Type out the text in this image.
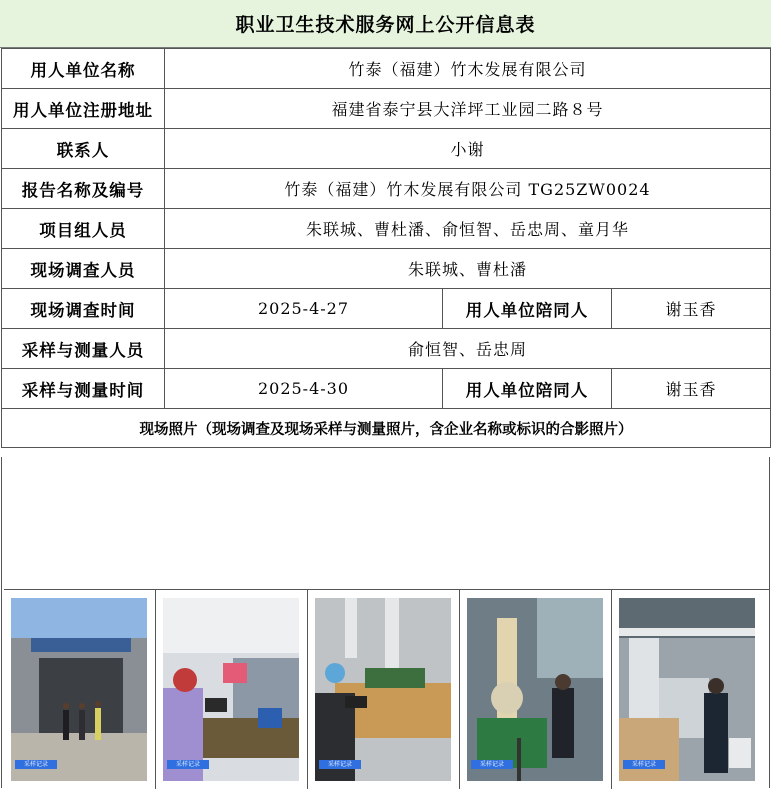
职业卫生技术服务网上公开信息表
用人单位名称	竹泰（福建）竹木发展有限公司		
用人单位注册地址	福建省泰宁县大洋坪工业园二路８号		
联系人	小谢		
报告名称及编号	竹泰（福建）竹木发展有限公司 TG25ZW0024		
项目组人员	朱联城、曹杜潘、俞恒智、岳忠周、童月华		
现场调查人员	朱联城、曹杜潘		
现场调查时间	2025-4-27	用人单位陪同人	谢玉香
采样与测量人员	俞恒智、岳忠周		
采样与测量时间	2025-4-30	用人单位陪同人	谢玉香
现场照片（现场调查及现场采样与测量照片，含企业名称或标识的合影照片）			
采样记录	采样记录	采样记录	采样记录	采样记录
